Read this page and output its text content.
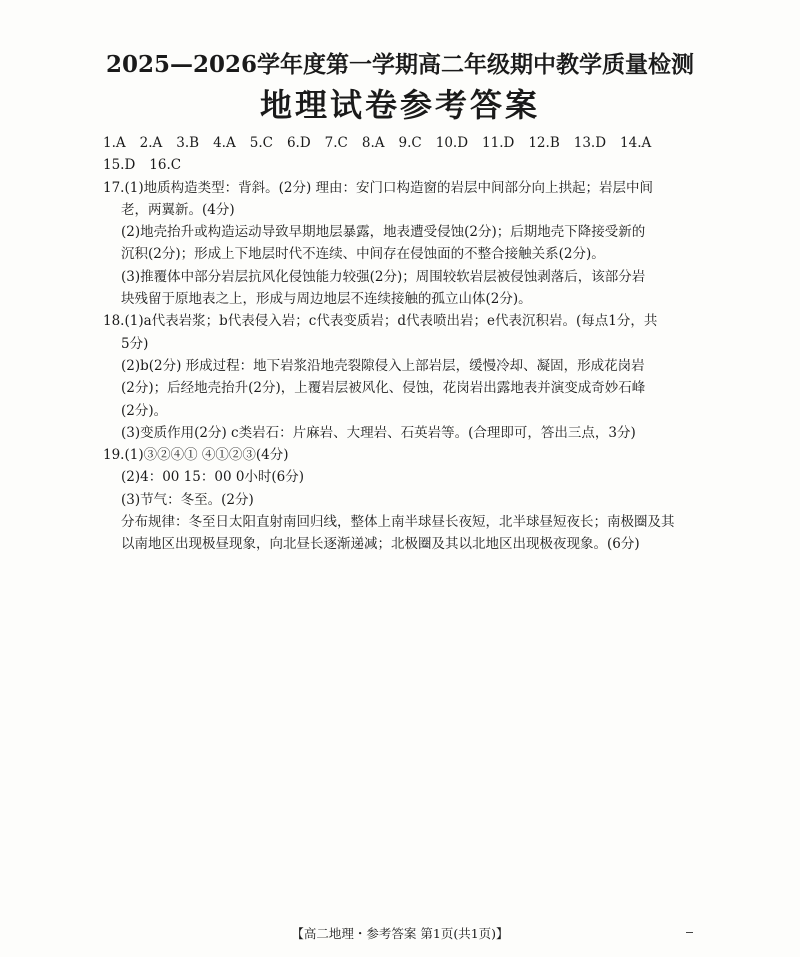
2025—2026学年度第一学期高二年级期中教学质量检测
地理试卷参考答案
1.A 2.A 3.B 4.A 5.C 6.D 7.C 8.A 9.C 10.D 11.D 12.B 13.D 14.A
15.D 16.C
17.(1)地质构造类型：背斜。(2分) 理由：安门口构造窗的岩层中间部分向上拱起；岩层中间
老，两翼新。(4分)
(2)地壳抬升或构造运动导致早期地层暴露，地表遭受侵蚀(2分)；后期地壳下降接受新的
沉积(2分)；形成上下地层时代不连续、中间存在侵蚀面的不整合接触关系(2分)。
(3)推覆体中部分岩层抗风化侵蚀能力较强(2分)；周围较软岩层被侵蚀剥落后，该部分岩
块残留于原地表之上，形成与周边地层不连续接触的孤立山体(2分)。
18.(1)a代表岩浆；b代表侵入岩；c代表变质岩；d代表喷出岩；e代表沉积岩。(每点1分，共
5分)
(2)b(2分) 形成过程：地下岩浆沿地壳裂隙侵入上部岩层，缓慢冷却、凝固，形成花岗岩
(2分)；后经地壳抬升(2分)，上覆岩层被风化、侵蚀，花岗岩出露地表并演变成奇妙石峰
(2分)。
(3)变质作用(2分) c类岩石：片麻岩、大理岩、石英岩等。(合理即可，答出三点，3分)
19.(1)③②④① ④①②③(4分)
(2)4：00 15：00 0小时(6分)
(3)节气：冬至。(2分)
分布规律：冬至日太阳直射南回归线，整体上南半球昼长夜短，北半球昼短夜长；南极圈及其
以南地区出现极昼现象，向北昼长逐渐递减；北极圈及其以北地区出现极夜现象。(6分)
【高二地理・参考答案 第1页(共1页)】
